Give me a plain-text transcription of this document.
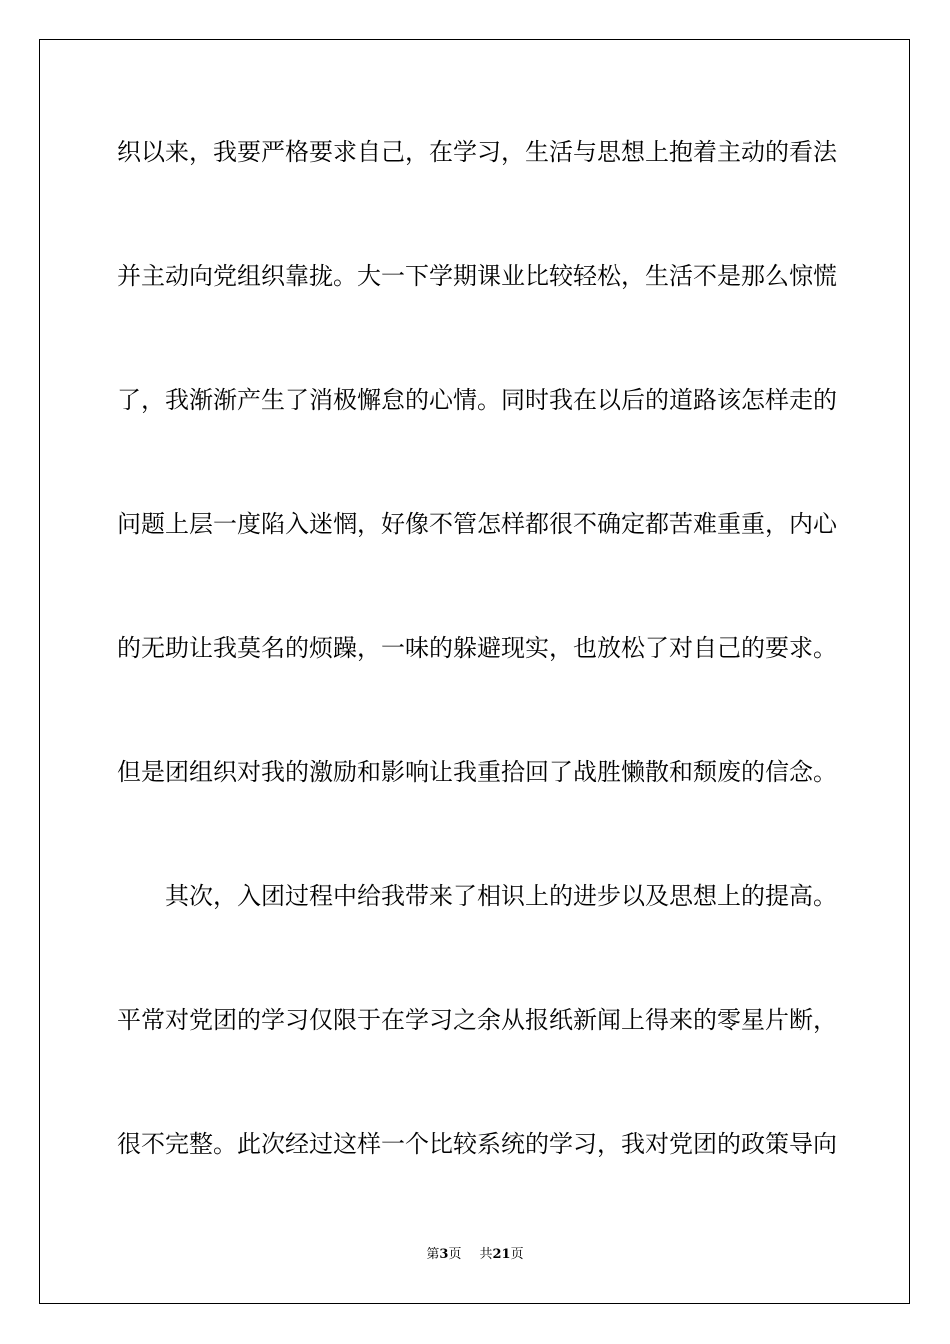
织以来，我要严格要求自己，在学习，生活与思想上抱着主动的看法
并主动向党组织靠拢。大一下学期课业比较轻松，生活不是那么惊慌
了，我渐渐产生了消极懈怠的心情。同时我在以后的道路该怎样走的
问题上层一度陷入迷惘，好像不管怎样都很不确定都苦难重重，内心
的无助让我莫名的烦躁，一味的躲避现实，也放松了对自己的要求。
但是团组织对我的激励和影响让我重拾回了战胜懒散和颓废的信念。
其次，入团过程中给我带来了相识上的进步以及思想上的提高。
平常对党团的学习仅限于在学习之余从报纸新闻上得来的零星片断，
很不完整。此次经过这样一个比较系统的学习，我对党团的政策导向
第3页 共21页
